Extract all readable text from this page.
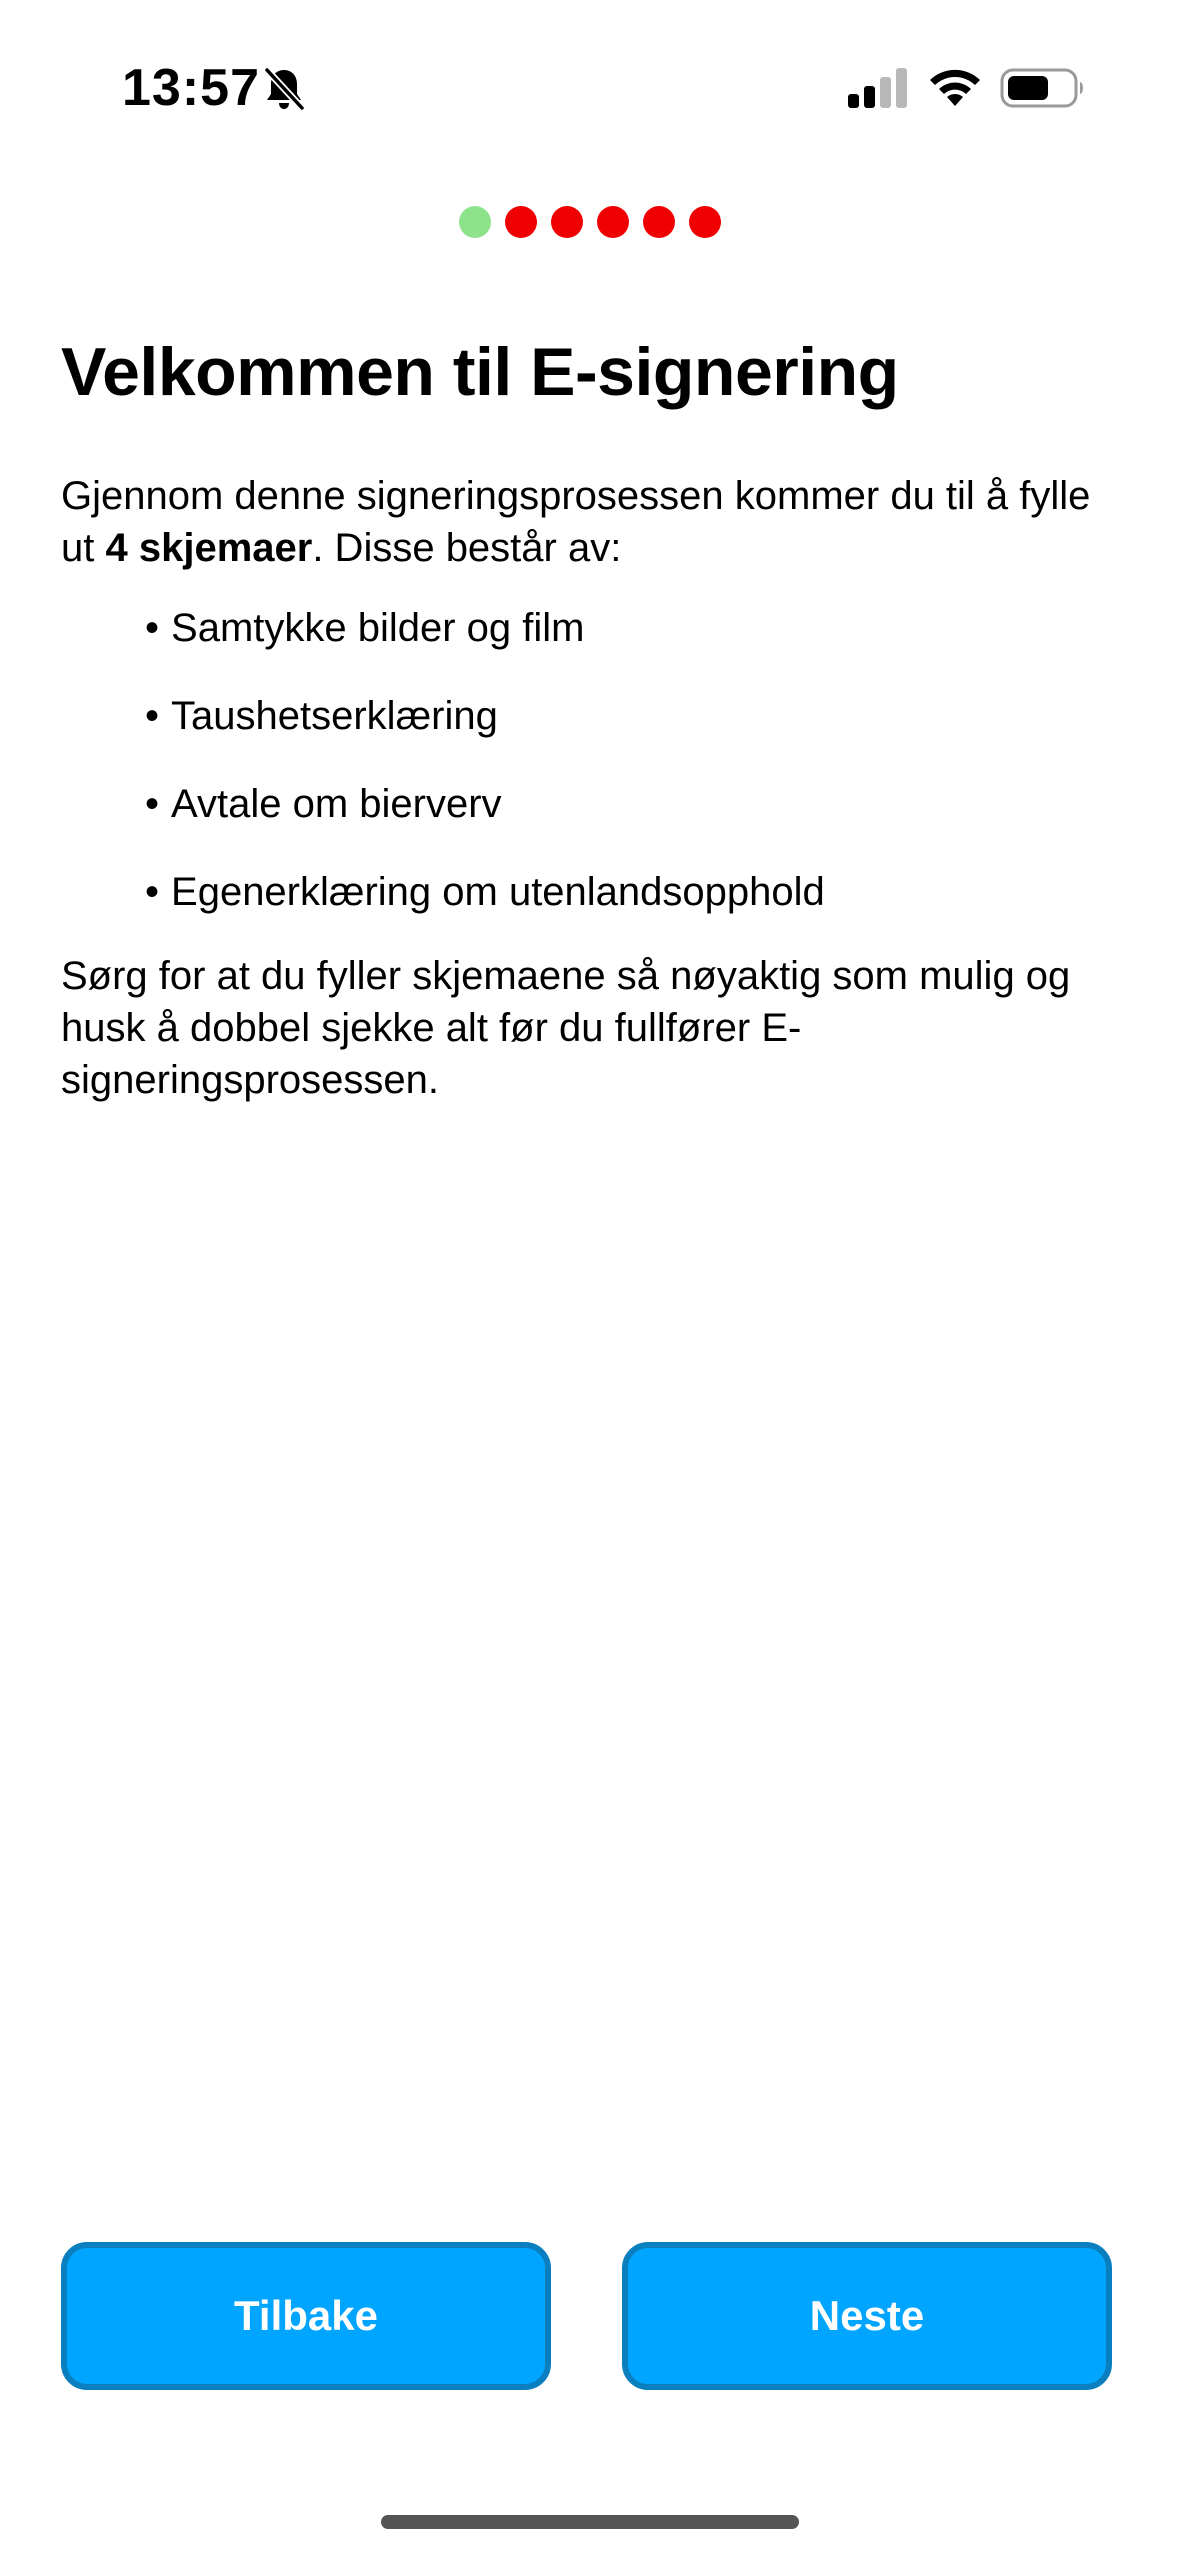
13:57
Velkommen til E-signering

Gjennom denne signeringsprosessen kommer du til å fylle ut 4 skjemaer. Disse består av:

• Samtykke bilder og film
• Taushetserklæring
• Avtale om bierverv
• Egenerklæring om utenlandsopphold

Sørg for at du fyller skjemaene så nøyaktig som mulig og husk å dobbel sjekke alt før du fullfører E-signeringsprosessen.

Tilbake	Neste
